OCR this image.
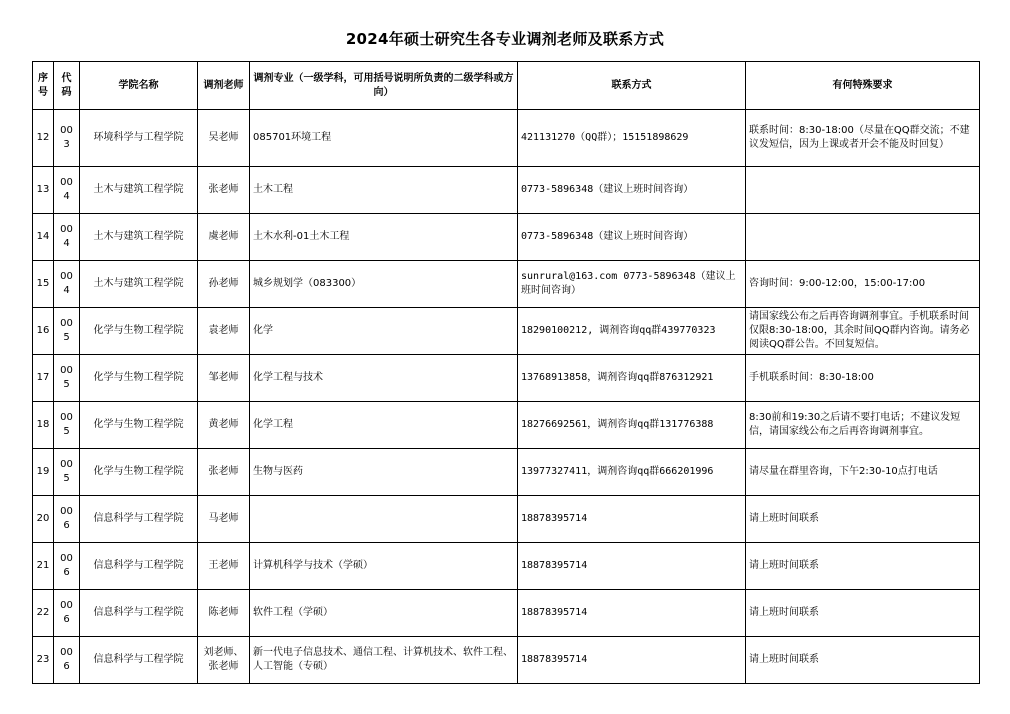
2024年硕士研究生各专业调剂老师及联系方式
序号	代码	学院名称	调剂老师	调剂专业（一级学科，可用括号说明所负责的二级学科或方向）	联系方式	有何特殊要求
12	003	环境科学与工程学院	吴老师	085701环境工程	421131270（QQ群）；15151898629	联系时间：8:30-18:00（尽量在QQ群交流；不建议发短信，因为上课或者开会不能及时回复）
13	004	土木与建筑工程学院	张老师	土木工程	0773-5896348（建议上班时间咨询）	
14	004	土木与建筑工程学院	虞老师	土木水利-01土木工程	0773-5896348（建议上班时间咨询）	
15	004	土木与建筑工程学院	孙老师	城乡规划学（083300）	sunrural@163.com 0773-5896348（建议上班时间咨询）	咨询时间：9:00-12:00，15:00-17:00
16	005	化学与生物工程学院	袁老师	化学	18290100212, 调剂咨询qq群439770323	请国家线公布之后再咨询调剂事宜。手机联系时间仅限8:30-18:00，其余时间QQ群内咨询。请务必阅读QQ群公告。不回复短信。
17	005	化学与生物工程学院	邹老师	化学工程与技术	13768913858，调剂咨询qq群876312921	手机联系时间：8:30-18:00
18	005	化学与生物工程学院	黄老师	化学工程	18276692561，调剂咨询qq群131776388	8:30前和19:30之后请不要打电话；不建议发短信，请国家线公布之后再咨询调剂事宜。
19	005	化学与生物工程学院	张老师	生物与医药	13977327411，调剂咨询qq群666201996	请尽量在群里咨询，下午2:30-10点打电话
20	006	信息科学与工程学院	马老师		18878395714	请上班时间联系
21	006	信息科学与工程学院	王老师	计算机科学与技术（学硕）	18878395714	请上班时间联系
22	006	信息科学与工程学院	陈老师	软件工程（学硕）	18878395714	请上班时间联系
23	006	信息科学与工程学院	刘老师、张老师	新一代电子信息技术、通信工程、计算机技术、软件工程、人工智能（专硕）	18878395714	请上班时间联系
